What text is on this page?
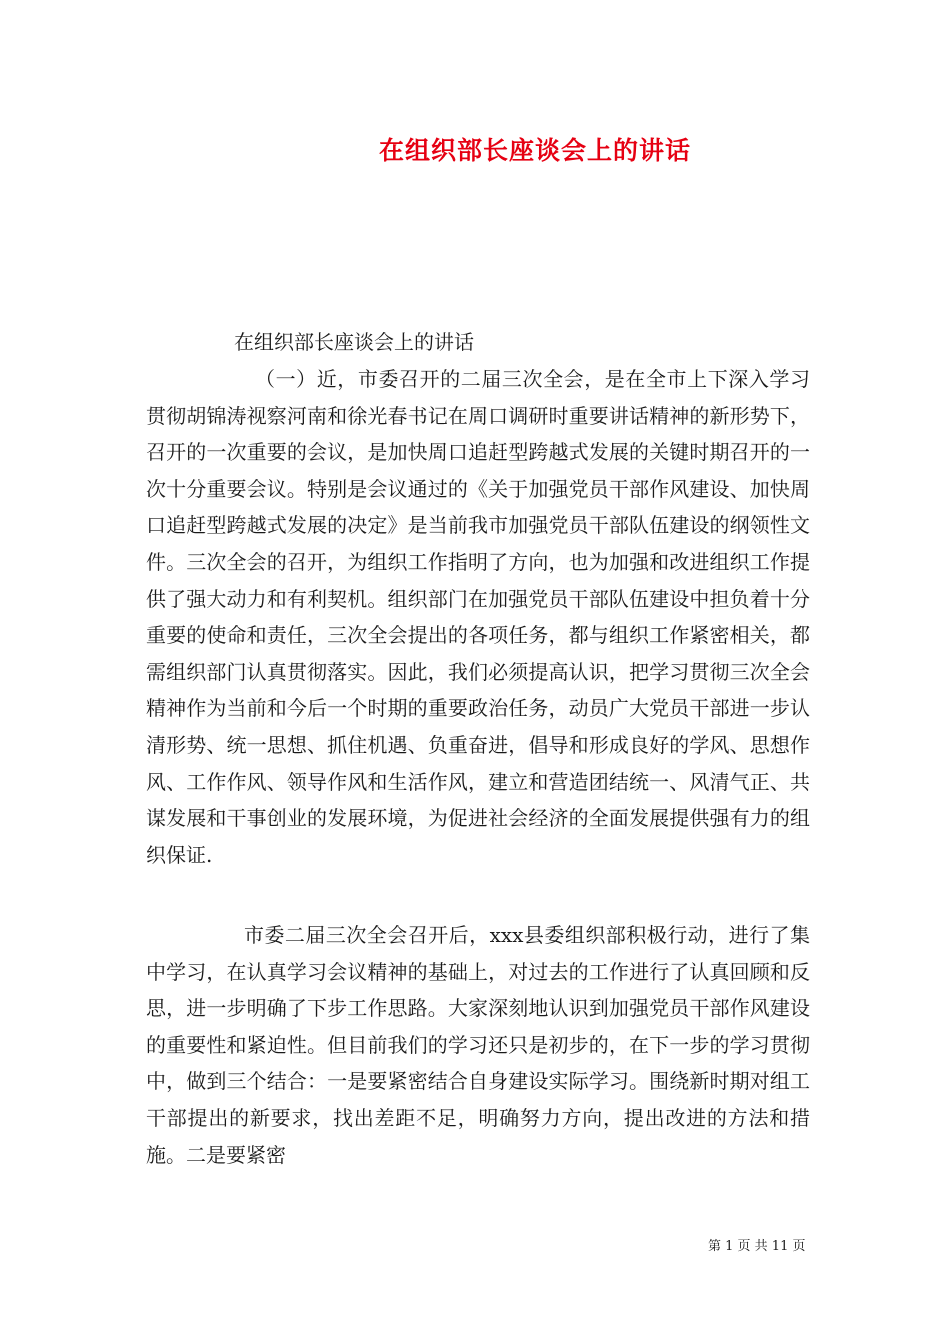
在组织部长座谈会上的讲话
在组织部长座谈会上的讲话
（一）近，市委召开的二届三次全会，是在全市上下深入学习贯彻胡锦涛视察河南和徐光春书记在周口调研时重要讲话精神的新形势下，召开的一次重要的会议，是加快周口追赶型跨越式发展的关键时期召开的一次十分重要会议。特别是会议通过的《关于加强党员干部作风建设、加快周口追赶型跨越式发展的决定》是当前我市加强党员干部队伍建设的纲领性文件。三次全会的召开，为组织工作指明了方向，也为加强和改进组织工作提供了强大动力和有利契机。组织部门在加强党员干部队伍建设中担负着十分重要的使命和责任，三次全会提出的各项任务，都与组织工作紧密相关，都需组织部门认真贯彻落实。因此，我们必须提高认识，把学习贯彻三次全会精神作为当前和今后一个时期的重要政治任务，动员广大党员干部进一步认清形势、统一思想、抓住机遇、负重奋进，倡导和形成良好的学风、思想作风、工作作风、领导作风和生活作风，建立和营造团结统一、风清气正、共谋发展和干事创业的发展环境，为促进社会经济的全面发展提供强有力的组织保证.
市委二届三次全会召开后，xxx县委组织部积极行动，进行了集中学习，在认真学习会议精神的基础上，对过去的工作进行了认真回顾和反思，进一步明确了下步工作思路。大家深刻地认识到加强党员干部作风建设的重要性和紧迫性。但目前我们的学习还只是初步的，在下一步的学习贯彻中，做到三个结合：一是要紧密结合自身建设实际学习。围绕新时期对组工干部提出的新要求，找出差距不足，明确努力方向，提出改进的方法和措施。二是要紧密
第 1 页 共 11 页
